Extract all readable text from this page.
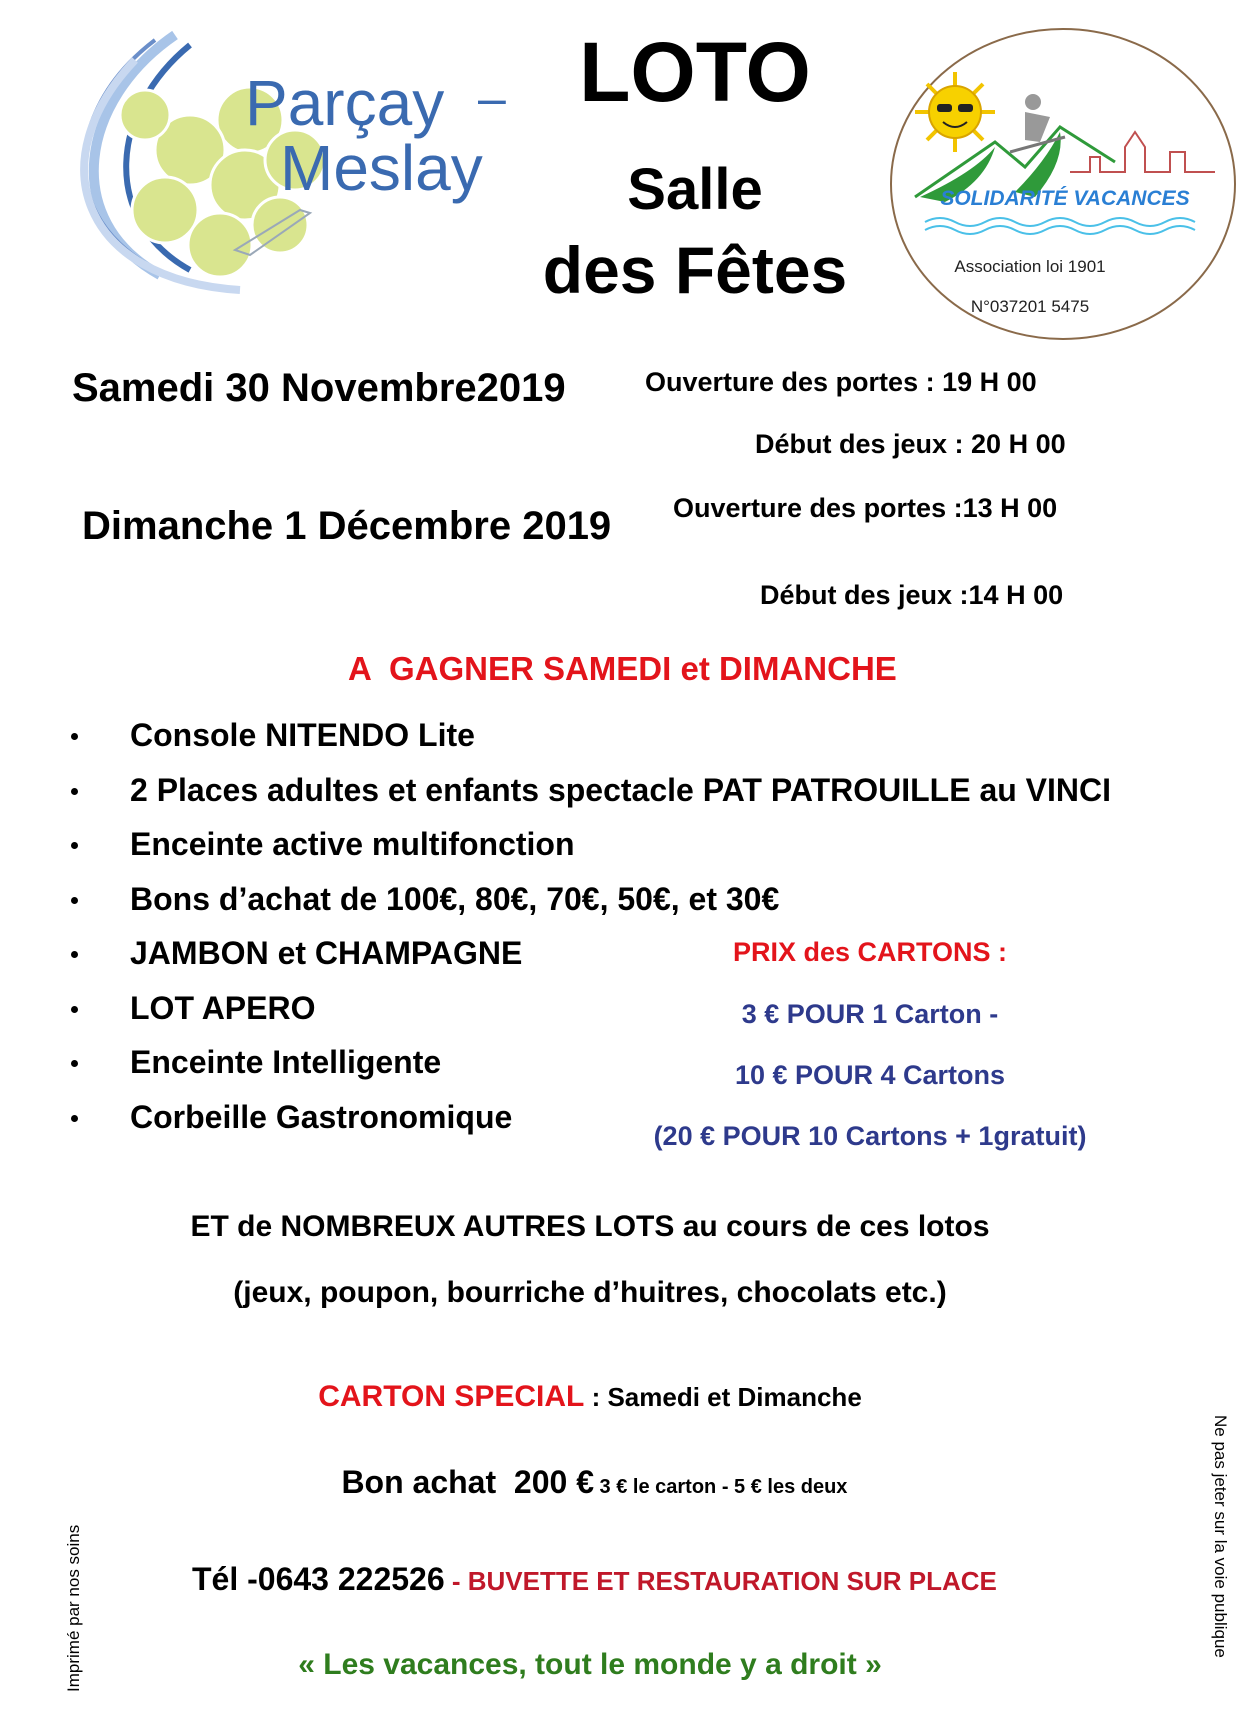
Parçay –
Meslay
LOTO
Salle
des Fêtes
SOLIDARITÉ VACANCES
Association loi 1901
N°037201 5475
Samedi 30 Novembre2019	Ouverture des portes : 19 H 00
Début des jeux : 20 H 00
Dimanche 1 Décembre 2019 Ouverture des portes :13 H 00
Début des jeux :14 H 00
A  GAGNER SAMEDI et DIMANCHE
Console NITENDO Lite
2 Places adultes et enfants spectacle PAT PATROUILLE au VINCI
Enceinte active multifonction
Bons d’achat de 100€, 80€, 70€, 50€, et 30€
JAMBON et CHAMPAGNE
LOT APERO
Enceinte Intelligente
Corbeille Gastronomique
PRIX des CARTONS :
3 € POUR 1 Carton -
10 € POUR 4 Cartons
(20 € POUR 10 Cartons + 1gratuit)
ET de NOMBREUX AUTRES LOTS au cours de ces lotos
(jeux, poupon, bourriche d’huitres, chocolats etc.)
CARTON SPECIAL : Samedi et Dimanche

Bon achat  200 € 3 € le carton - 5 € les deux

Tél -0643 222526 - BUVETTE ET RESTAURATION SUR PLACE

« Les vacances, tout le monde y a droit »
Imprimé par nos soins	Ne pas jeter sur la voie publique
